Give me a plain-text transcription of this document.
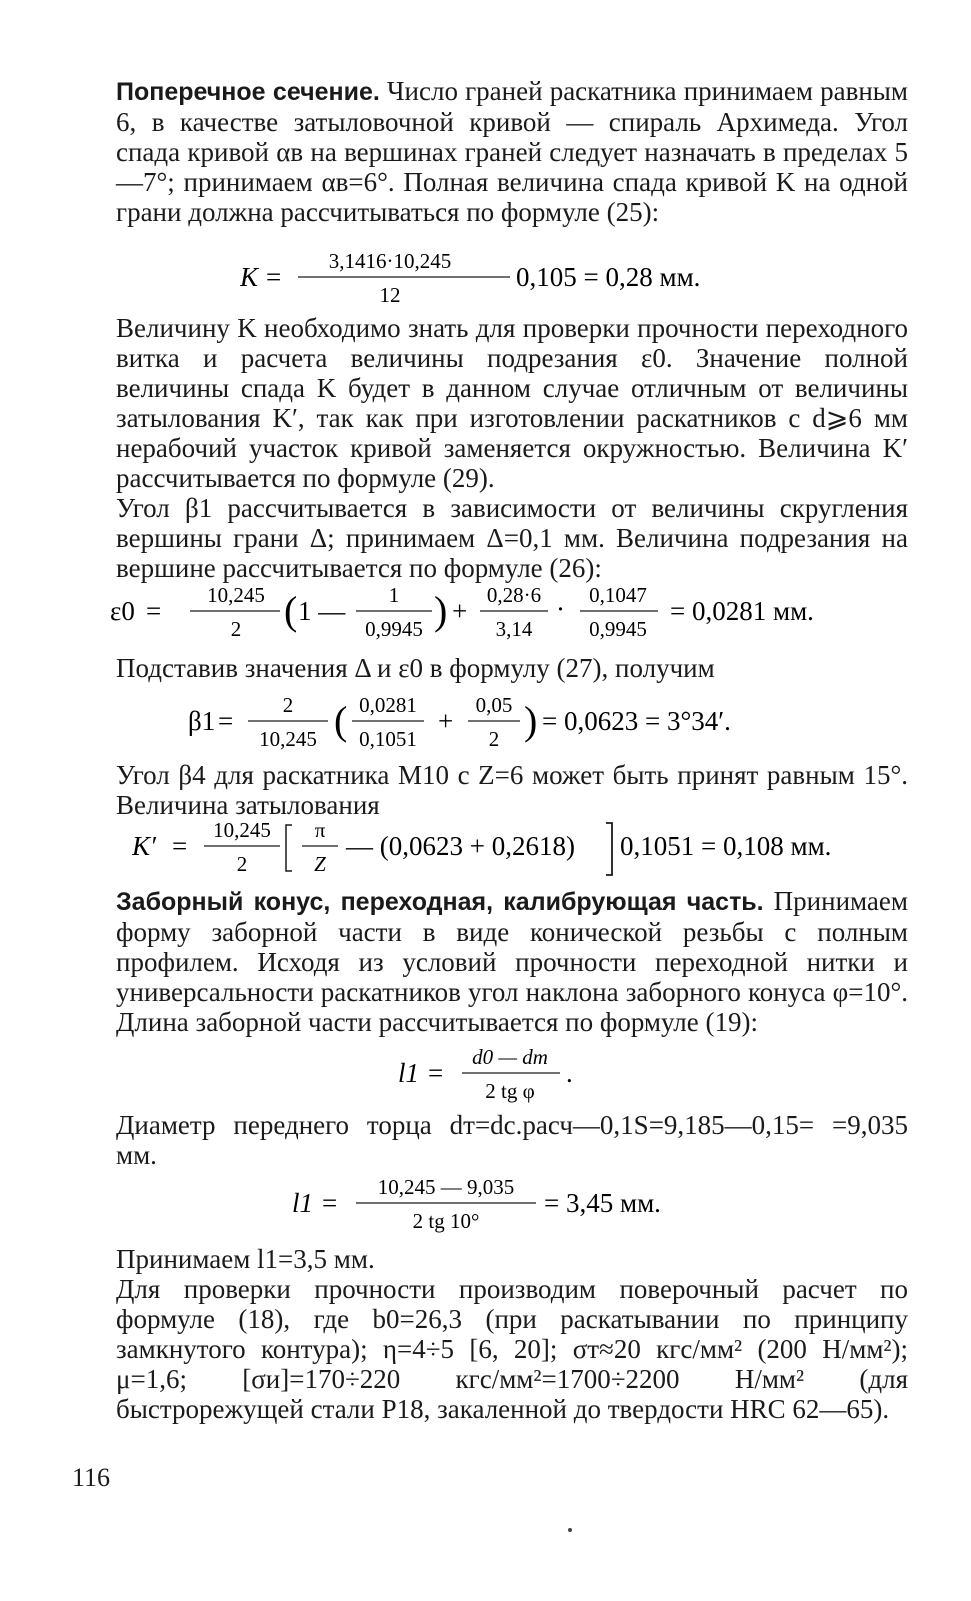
Поперечное сечение. Число граней раскатника принимаем равным 6, в качестве затыловочной кривой — спираль Архимеда. Угол спада кривой αв на вершинах граней следует назначать в пределах 5—7°; принимаем αв=6°. Полная величина спада кривой K на одной грани должна рассчитываться по формуле (25):
K =
3,1416·10,245
12
0,105 = 0,28 мм.
Величину K необходимо знать для проверки прочности переходного витка и расчета величины подрезания ε0. Значение полной величины спада K будет в данном случае отличным от величины затылования K′, так как при изготовлении раскатников с d⩾6 мм нерабочий участок кривой заменяется окружностью. Величина K′ рассчитывается по формуле (29).
Угол β1 рассчитывается в зависимости от величины скругления вершины грани Δ; принимаем Δ=0,1 мм. Величина подрезания на вершине рассчитывается по формуле (26):
ε0 =
10,245
2 ( 1 —
1
0,9945 ) +
0,28·6
3,14
· 0,1047
0,9945
= 0,0281 мм.
Подставив значения Δ и ε0 в формулу (27), получим
β1 =
2
10,245 ( 0,0281
0,1051
+
0,05
2 ) = 0,0623 = 3°34′.
Угол β4 для раскатника М10 с Z=6 может быть принят равным 15°. Величина затылования
K′ =
10,245
2
π
Z
— (0,0623 + 0,2618) 0,1051 = 0,108 мм.
Заборный конус, переходная, калибрующая часть. Принимаем форму заборной части в виде конической резьбы с полным профилем. Исходя из условий прочности переходной нитки и универсальности раскатников угол наклона заборного конуса φ=10°. Длина заборной части рассчитывается по формуле (19):
l1 =
d0 — dт
2 tg φ
.
Диаметр переднего торца dт=dс.расч—0,1S=9,185—0,15= =9,035 мм.
l1 =
10,245 — 9,035
2 tg 10°
= 3,45 мм.
Принимаем l1=3,5 мм.
Для проверки прочности производим поверочный расчет по формуле (18), где b0=26,3 (при раскатывании по принципу замкнутого контура); η=4÷5 [6, 20]; σт≈20 кгс/мм² (200 Н/мм²); μ=1,6; [σи]=170÷220 кгс/мм²=1700÷2200 Н/мм² (для быстрорежущей стали Р18, закаленной до твердости HRC 62—65).
116
